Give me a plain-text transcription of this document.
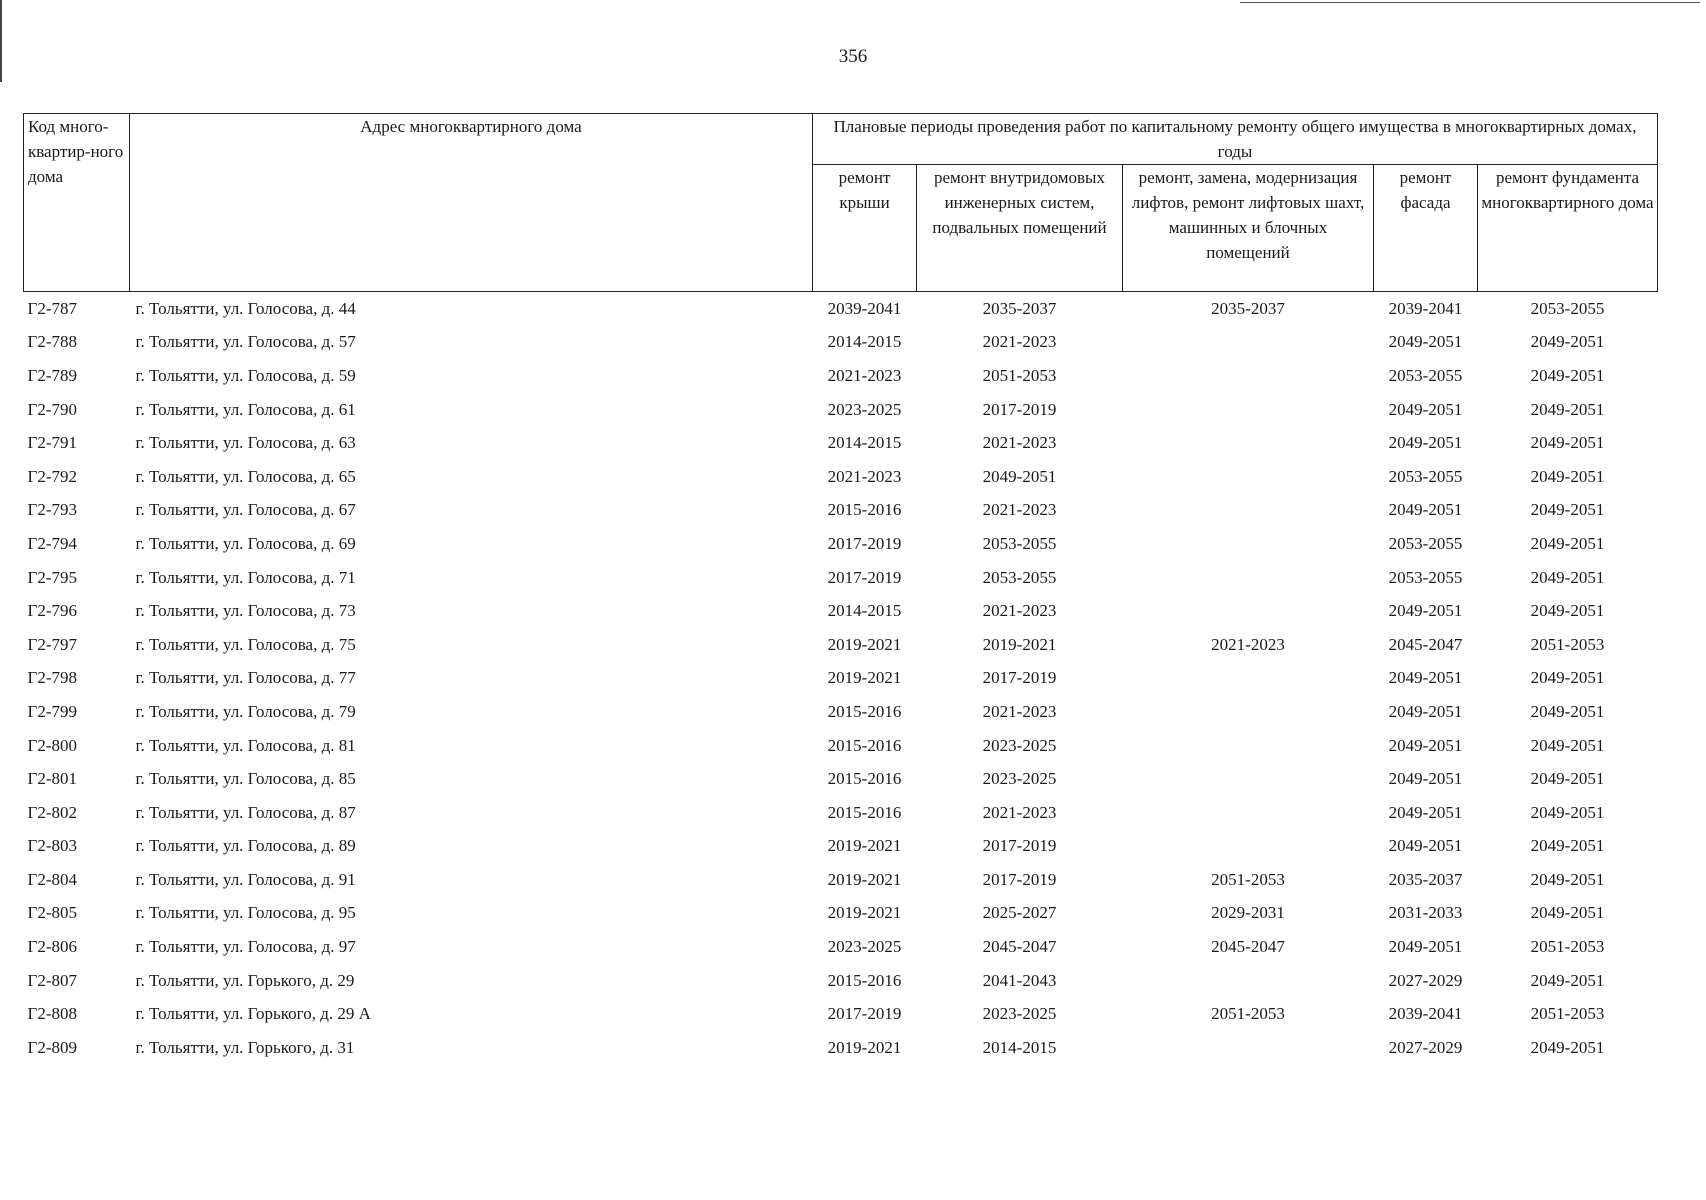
356
Код много-квартир-ного дома	Адрес многоквартирного дома	Плановые периоды проведения работ по капитальному ремонту общего имущества в многоквартирных домах, годы				
		ремонт крыши	ремонт внутридомовых инженерных систем, подвальных помещений	ремонт, замена, модернизация лифтов, ремонт лифтовых шахт, машинных и блочных помещений	ремонт фасада	ремонт фундамента многоквартирного дома
Г2-787	г. Тольятти, ул. Голосова, д. 44	2039-2041	2035-2037	2035-2037	2039-2041	2053-2055
Г2-788	г. Тольятти, ул. Голосова, д. 57	2014-2015	2021-2023		2049-2051	2049-2051
Г2-789	г. Тольятти, ул. Голосова, д. 59	2021-2023	2051-2053		2053-2055	2049-2051
Г2-790	г. Тольятти, ул. Голосова, д. 61	2023-2025	2017-2019		2049-2051	2049-2051
Г2-791	г. Тольятти, ул. Голосова, д. 63	2014-2015	2021-2023		2049-2051	2049-2051
Г2-792	г. Тольятти, ул. Голосова, д. 65	2021-2023	2049-2051		2053-2055	2049-2051
Г2-793	г. Тольятти, ул. Голосова, д. 67	2015-2016	2021-2023		2049-2051	2049-2051
Г2-794	г. Тольятти, ул. Голосова, д. 69	2017-2019	2053-2055		2053-2055	2049-2051
Г2-795	г. Тольятти, ул. Голосова, д. 71	2017-2019	2053-2055		2053-2055	2049-2051
Г2-796	г. Тольятти, ул. Голосова, д. 73	2014-2015	2021-2023		2049-2051	2049-2051
Г2-797	г. Тольятти, ул. Голосова, д. 75	2019-2021	2019-2021	2021-2023	2045-2047	2051-2053
Г2-798	г. Тольятти, ул. Голосова, д. 77	2019-2021	2017-2019		2049-2051	2049-2051
Г2-799	г. Тольятти, ул. Голосова, д. 79	2015-2016	2021-2023		2049-2051	2049-2051
Г2-800	г. Тольятти, ул. Голосова, д. 81	2015-2016	2023-2025		2049-2051	2049-2051
Г2-801	г. Тольятти, ул. Голосова, д. 85	2015-2016	2023-2025		2049-2051	2049-2051
Г2-802	г. Тольятти, ул. Голосова, д. 87	2015-2016	2021-2023		2049-2051	2049-2051
Г2-803	г. Тольятти, ул. Голосова, д. 89	2019-2021	2017-2019		2049-2051	2049-2051
Г2-804	г. Тольятти, ул. Голосова, д. 91	2019-2021	2017-2019	2051-2053	2035-2037	2049-2051
Г2-805	г. Тольятти, ул. Голосова, д. 95	2019-2021	2025-2027	2029-2031	2031-2033	2049-2051
Г2-806	г. Тольятти, ул. Голосова, д. 97	2023-2025	2045-2047	2045-2047	2049-2051	2051-2053
Г2-807	г. Тольятти, ул. Горького, д. 29	2015-2016	2041-2043		2027-2029	2049-2051
Г2-808	г. Тольятти, ул. Горького, д. 29 А	2017-2019	2023-2025	2051-2053	2039-2041	2051-2053
Г2-809	г. Тольятти, ул. Горького, д. 31	2019-2021	2014-2015		2027-2029	2049-2051
